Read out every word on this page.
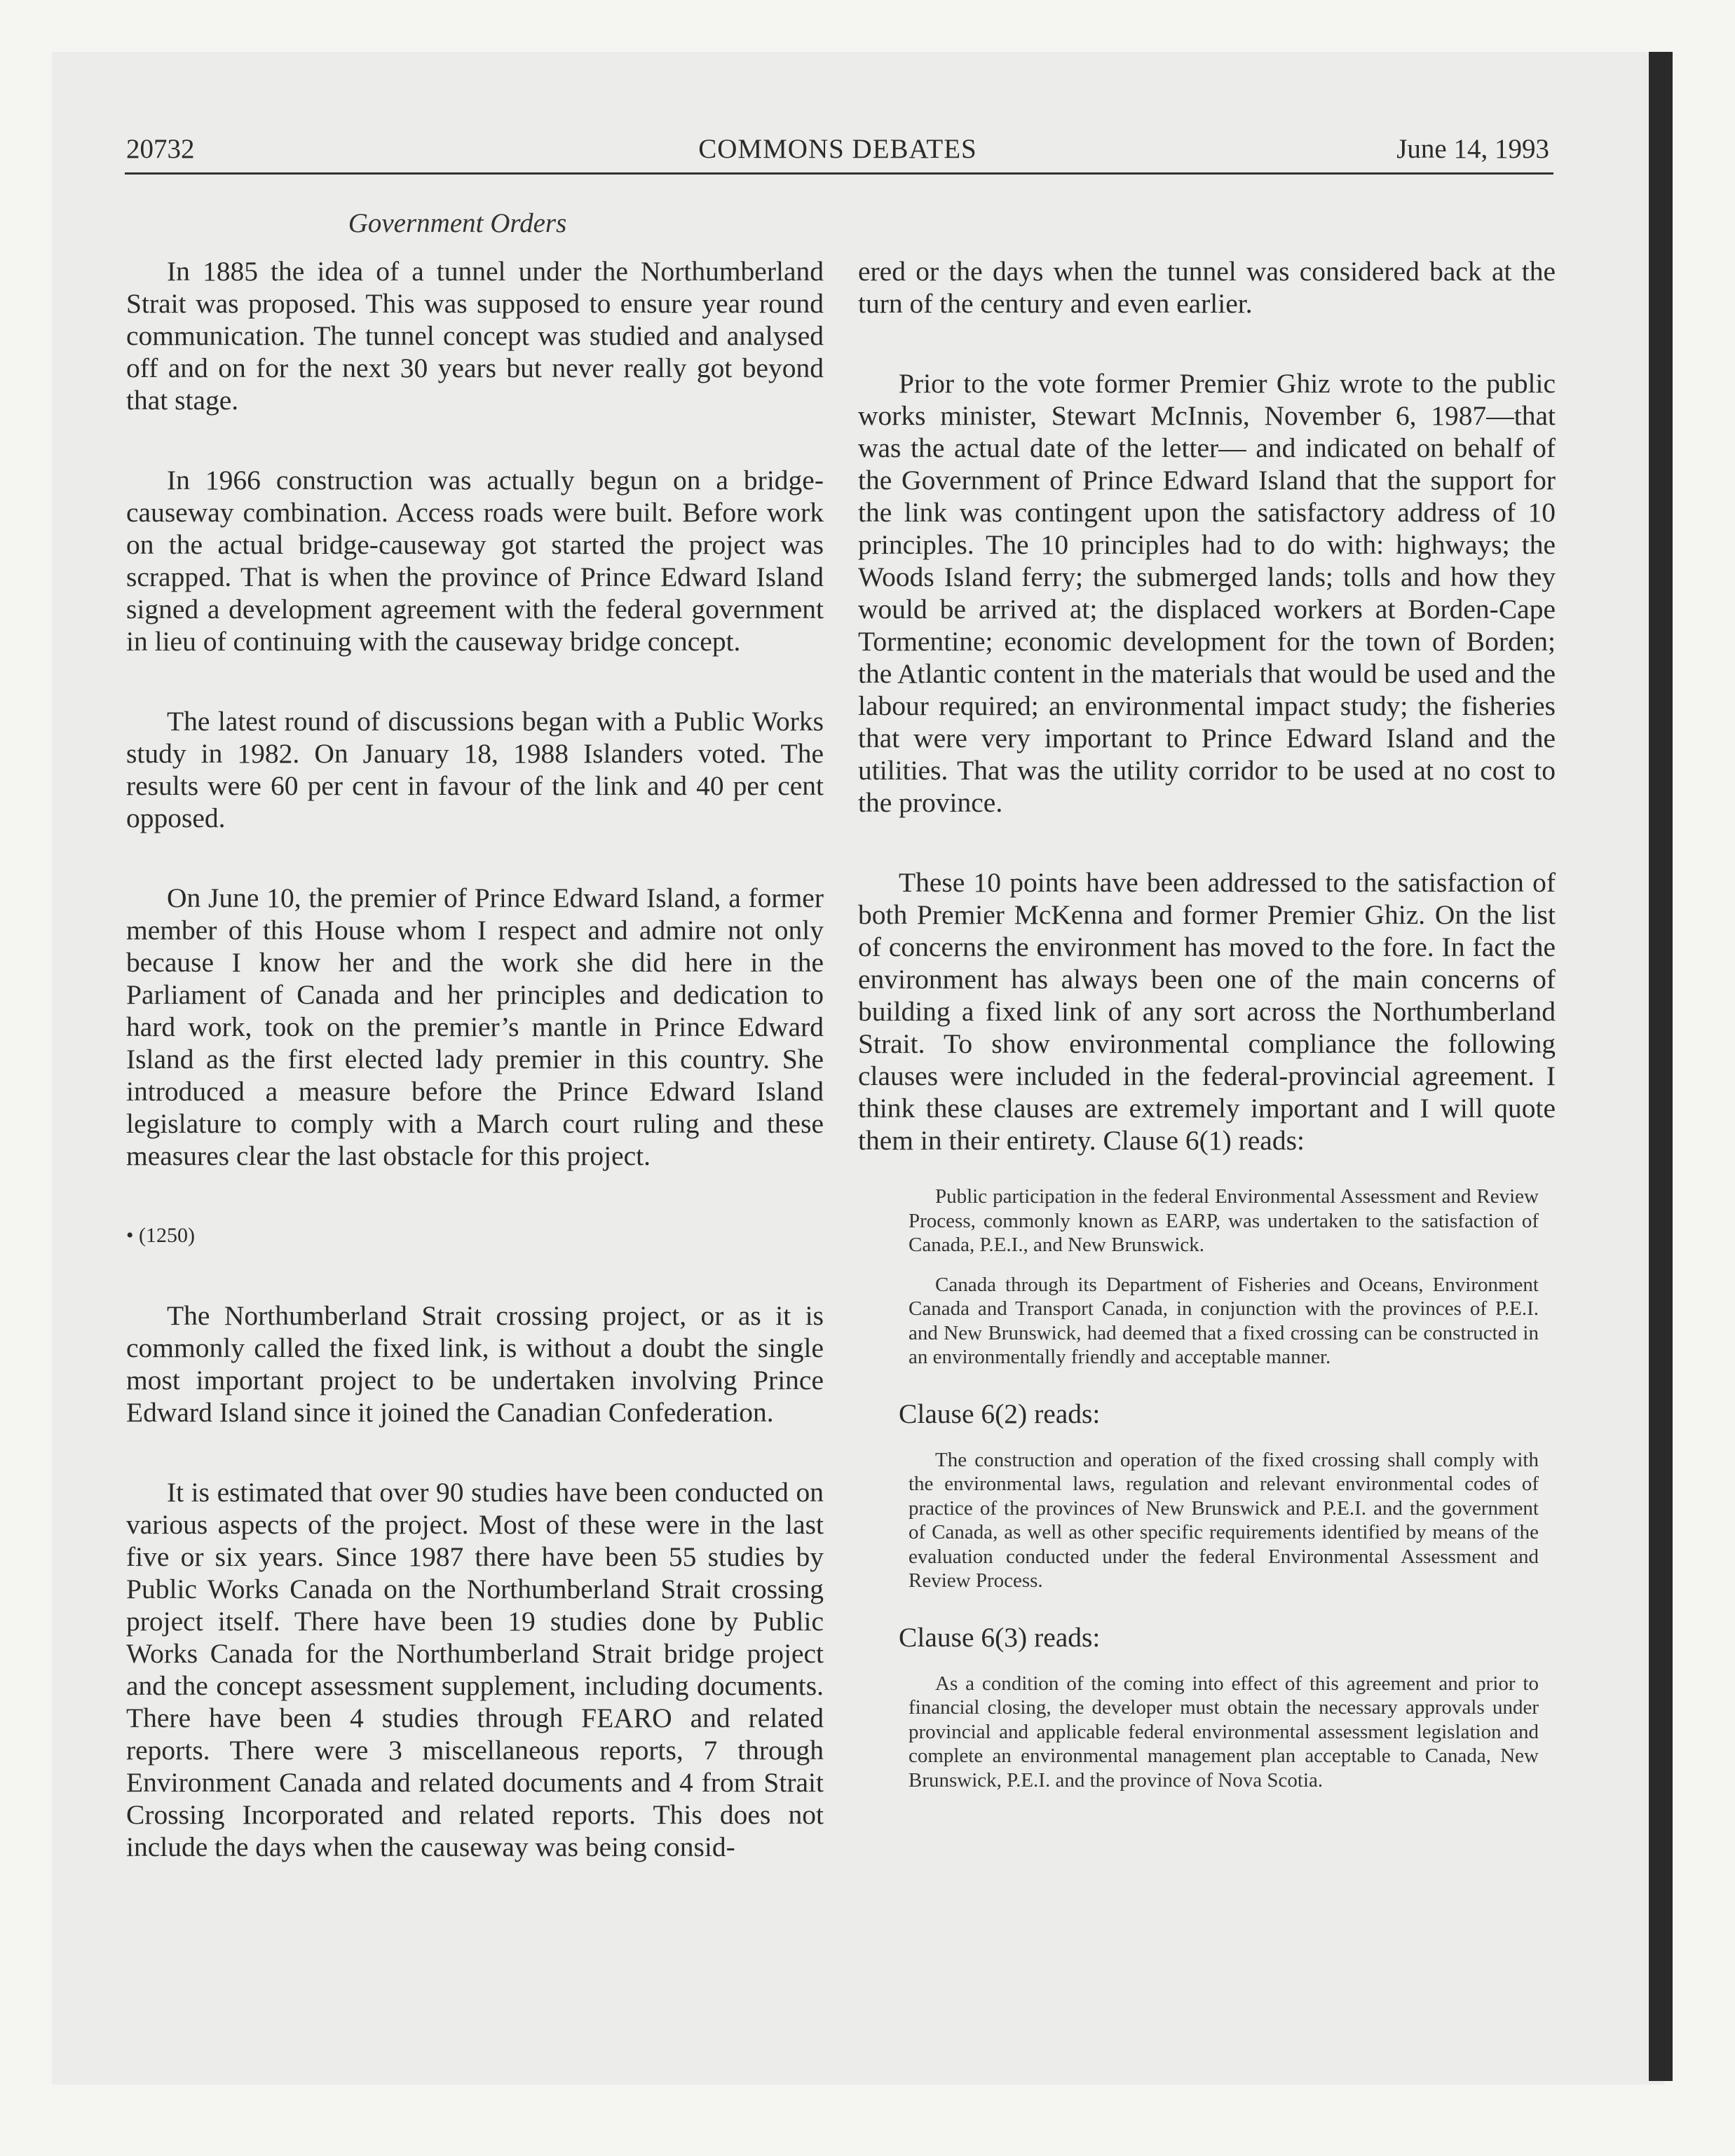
20732	COMMONS DEBATES	June 14, 1993
Government Orders

In 1885 the idea of a tunnel under the Northumberland Strait was proposed. This was supposed to ensure year round communication. The tunnel concept was studied and analysed off and on for the next 30 years but never really got beyond that stage.

In 1966 construction was actually begun on a bridge-causeway combination. Access roads were built. Before work on the actual bridge-causeway got started the project was scrapped. That is when the province of Prince Edward Island signed a development agreement with the federal government in lieu of continuing with the causeway bridge concept.

The latest round of discussions began with a Public Works study in 1982. On January 18, 1988 Islanders voted. The results were 60 per cent in favour of the link and 40 per cent opposed.

On June 10, the premier of Prince Edward Island, a former member of this House whom I respect and admire not only because I know her and the work she did here in the Parliament of Canada and her principles and dedication to hard work, took on the premier’s mantle in Prince Edward Island as the first elected lady premier in this country. She introduced a measure before the Prince Edward Island legislature to comply with a March court ruling and these measures clear the last obstacle for this project.

• (1250)

The Northumberland Strait crossing project, or as it is commonly called the fixed link, is without a doubt the single most important project to be undertaken involving Prince Edward Island since it joined the Canadian Confederation.

It is estimated that over 90 studies have been conducted on various aspects of the project. Most of these were in the last five or six years. Since 1987 there have been 55 studies by Public Works Canada on the Northumberland Strait crossing project itself. There have been 19 studies done by Public Works Canada for the Northumberland Strait bridge project and the concept assessment supplement, including documents. There have been 4 studies through FEARO and related reports. There were 3 miscellaneous reports, 7 through Environment Canada and related documents and 4 from Strait Crossing Incorporated and related reports. This does not include the days when the causeway was being consid-

ered or the days when the tunnel was considered back at the turn of the century and even earlier.

Prior to the vote former Premier Ghiz wrote to the public works minister, Stewart McInnis, November 6, 1987—that was the actual date of the letter— and indicated on behalf of the Government of Prince Edward Island that the support for the link was contingent upon the satisfactory address of 10 principles. The 10 principles had to do with: highways; the Woods Island ferry; the submerged lands; tolls and how they would be arrived at; the displaced workers at Borden-Cape Tormentine; economic development for the town of Borden; the Atlantic content in the materials that would be used and the labour required; an environmental impact study; the fisheries that were very important to Prince Edward Island and the utilities. That was the utility corridor to be used at no cost to the province.

These 10 points have been addressed to the satisfaction of both Premier McKenna and former Premier Ghiz. On the list of concerns the environment has moved to the fore. In fact the environment has always been one of the main concerns of building a fixed link of any sort across the Northumberland Strait. To show environmental compliance the following clauses were included in the federal-provincial agreement. I think these clauses are extremely important and I will quote them in their entirety. Clause 6(1) reads:

Public participation in the federal Environmental Assessment and Review Process, commonly known as EARP, was undertaken to the satisfaction of Canada, P.E.I., and New Brunswick.

Canada through its Department of Fisheries and Oceans, Environment Canada and Transport Canada, in conjunction with the provinces of P.E.I. and New Brunswick, had deemed that a fixed crossing can be constructed in an environmentally friendly and acceptable manner.

Clause 6(2) reads:

The construction and operation of the fixed crossing shall comply with the environmental laws, regulation and relevant environmental codes of practice of the provinces of New Brunswick and P.E.I. and the government of Canada, as well as other specific requirements identified by means of the evaluation conducted under the federal Environmental Assessment and Review Process.

Clause 6(3) reads:

As a condition of the coming into effect of this agreement and prior to financial closing, the developer must obtain the necessary approvals under provincial and applicable federal environmental assessment legislation and complete an environmental management plan acceptable to Canada, New Brunswick, P.E.I. and the province of Nova Scotia.
